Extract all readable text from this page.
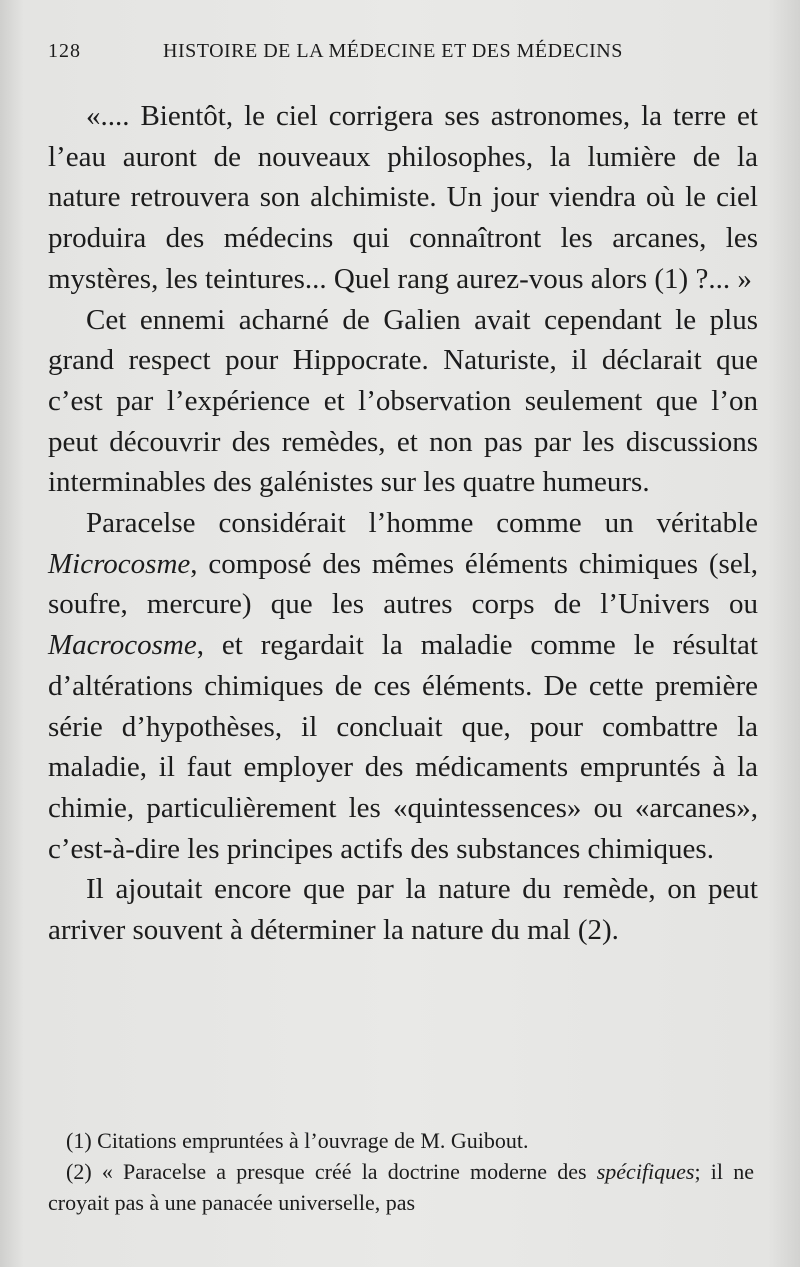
128	HISTOIRE DE LA MÉDECINE ET DES MÉDECINS

«.... Bientôt, le ciel corrigera ses astronomes, la terre et l’eau auront de nouveaux philosophes, la lumière de la nature retrouvera son alchimiste. Un jour viendra où le ciel produira des médecins qui connaîtront les arcanes, les mystères, les teintures... Quel rang aurez-vous alors (1) ?... »

Cet ennemi acharné de Galien avait cependant le plus grand respect pour Hippocrate. Naturiste, il déclarait que c’est par l’expérience et l’observation seulement que l’on peut découvrir des remèdes, et non pas par les discussions interminables des galénistes sur les quatre humeurs.

Paracelse considérait l’homme comme un véritable Microcosme, composé des mêmes éléments chimiques (sel, soufre, mercure) que les autres corps de l’Univers ou Macrocosme, et regardait la maladie comme le résultat d’altérations chimiques de ces éléments. De cette première série d’hypothèses, il concluait que, pour combattre la maladie, il faut employer des médicaments empruntés à la chimie, particulièrement les «quintessences» ou «arcanes», c’est-à-dire les principes actifs des substances chimiques.

Il ajoutait encore que par la nature du remède, on peut arriver souvent à déterminer la nature du mal (2).

(1) Citations empruntées à l’ouvrage de M. Guibout.

(2) « Paracelse a presque créé la doctrine moderne des spécifiques; il ne croyait pas à une panacée universelle, pas
